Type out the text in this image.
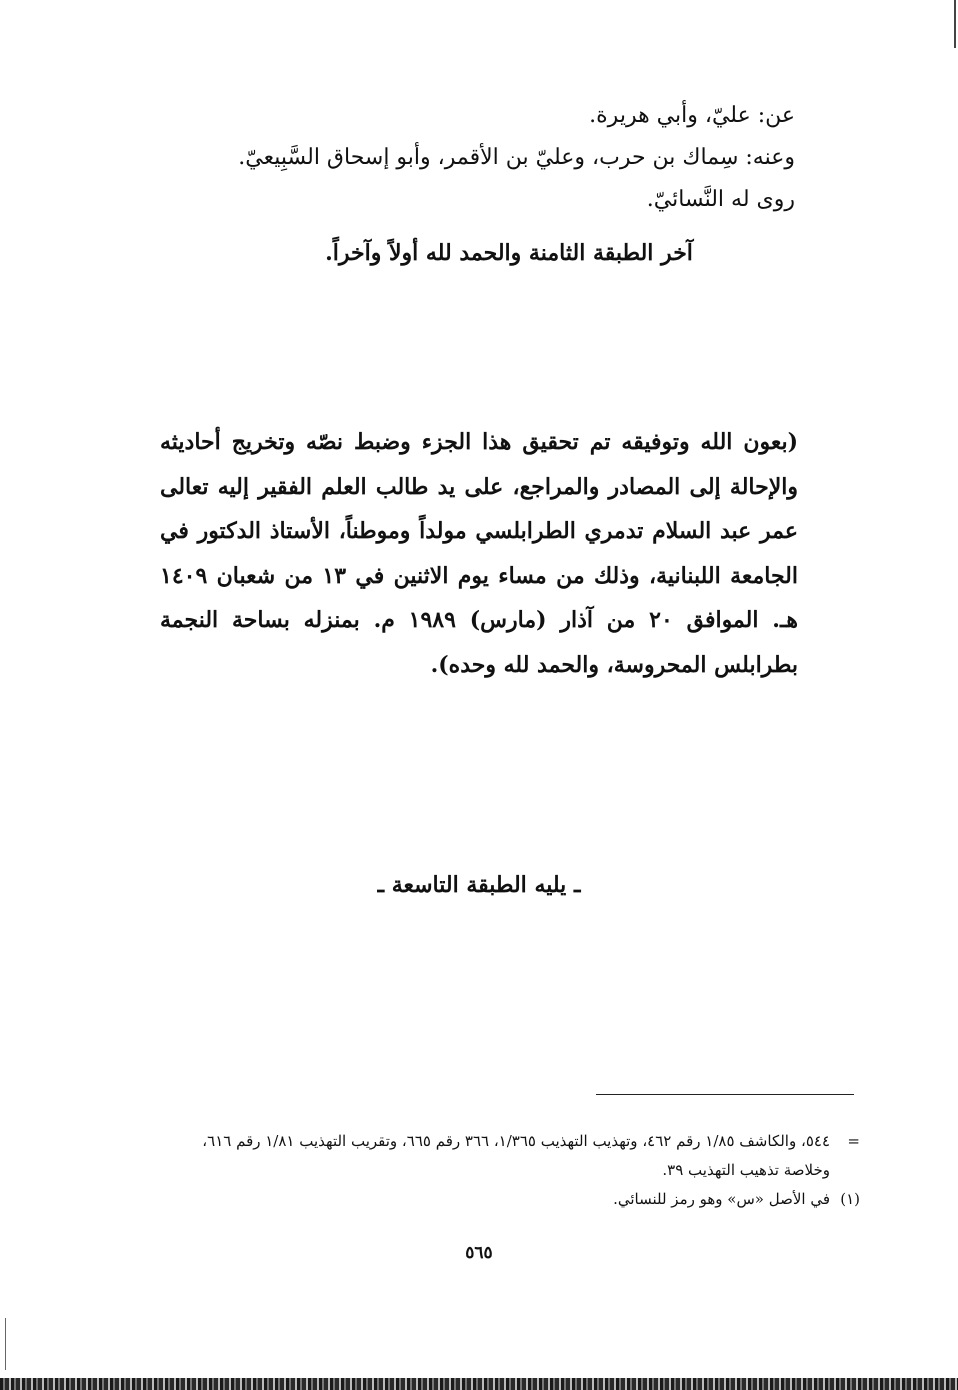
عن: عليّ، وأبي هريرة.
وعنه: سِماك بن حرب، وعليّ بن الأقمر، وأبو إسحاق السَّبِيعيّ.
روى له النَّسائيّ.
آخر الطبقة الثامنة والحمد لله أولاً وآخراً.

(بعون الله وتوفيقه تم تحقيق هذا الجزء وضبط نصّه وتخريج أحاديثه والإحالة إلى المصادر والمراجع، على يد طالب العلم الفقير إليه تعالى عمر عبد السلام تدمري الطرابلسي مولداً وموطناً، الأستاذ الدكتور في الجامعة اللبنانية، وذلك من مساء يوم الاثنين في ١٣ من شعبان ١٤٠٩ هـ. الموافق ٢٠ من آذار (مارس) ١٩٨٩ م. بمنزله بساحة النجمة بطرابلس المحروسة، والحمد لله وحده).

ـ يليه الطبقة التاسعة ـ
=
٥٤٤، والكاشف ١/٨٥ رقم ٤٦٢، وتهذيب التهذيب ١/٣٦٥، ٣٦٦ رقم ٦٦٥، وتقريب التهذيب ١/٨١ رقم ٦١٦، وخلاصة تذهيب التهذيب ٣٩.
(١)
في الأصل «س» وهو رمز للنسائي.
٥٦٥
